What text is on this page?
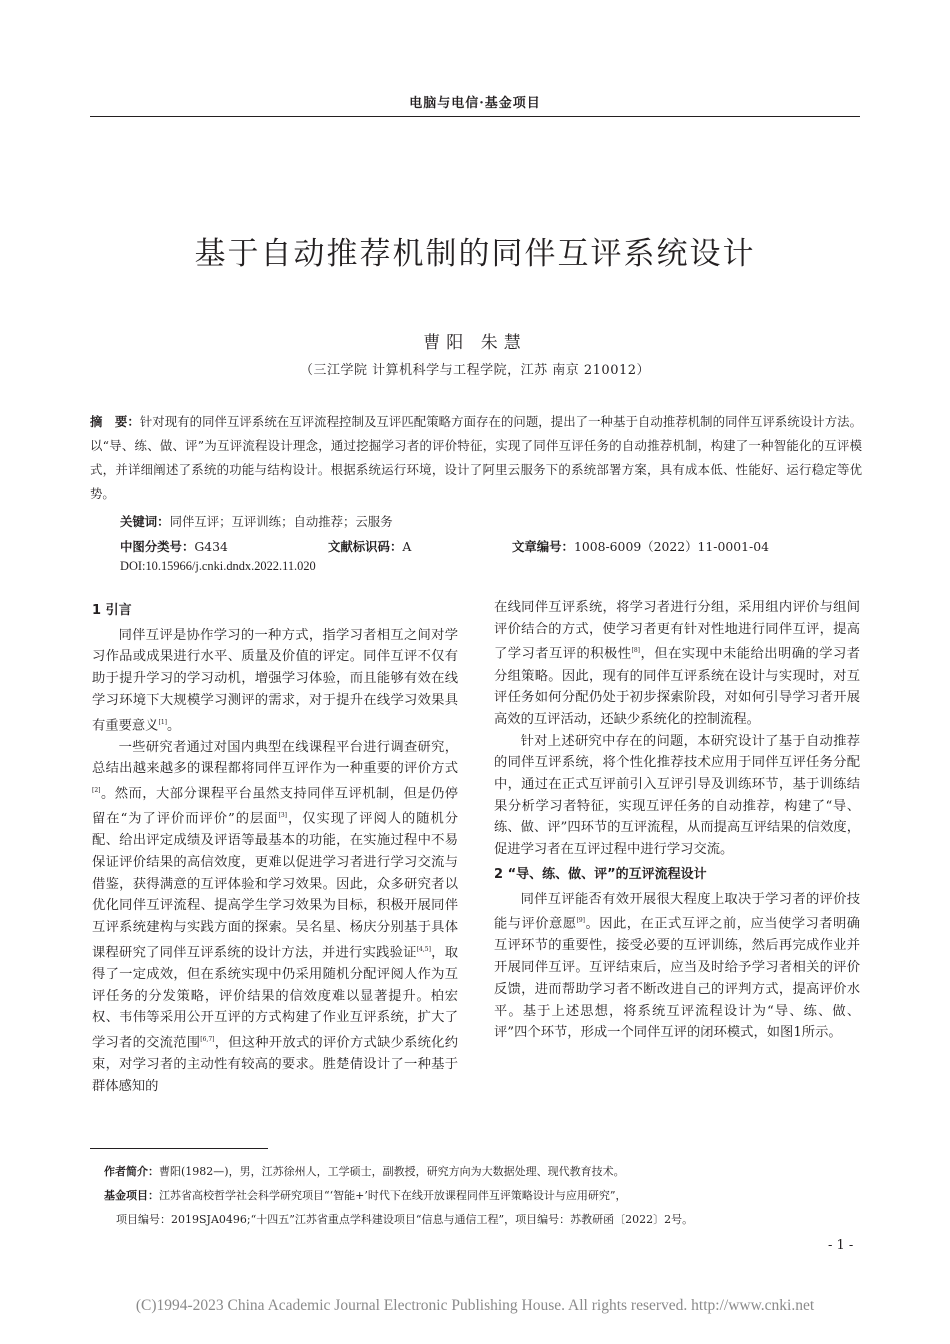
电脑与电信·基金项目
基于自动推荐机制的同伴互评系统设计
曹阳 朱慧
（三江学院 计算机科学与工程学院，江苏 南京 210012）
摘　要：针对现有的同伴互评系统在互评流程控制及互评匹配策略方面存在的问题，提出了一种基于自动推荐机制的同伴互评系统设计方法。以“导、练、做、评”为互评流程设计理念，通过挖掘学习者的评价特征，实现了同伴互评任务的自动推荐机制，构建了一种智能化的互评模式，并详细阐述了系统的功能与结构设计。根据系统运行环境，设计了阿里云服务下的系统部署方案，具有成本低、性能好、运行稳定等优势。
关键词：同伴互评；互评训练；自动推荐；云服务
中图分类号：G434	文献标识码：A	文章编号：1008-6009（2022）11-0001-04
DOI:10.15966/j.cnki.dndx.2022.11.020

1 引言

同伴互评是协作学习的一种方式，指学习者相互之间对学习作品或成果进行水平、质量及价值的评定。同伴互评不仅有助于提升学习的学习动机，增强学习体验，而且能够有效在线学习环境下大规模学习测评的需求，对于提升在线学习效果具有重要意义[1]。

一些研究者通过对国内典型在线课程平台进行调查研究，总结出越来越多的课程都将同伴互评作为一种重要的评价方式[2]。然而，大部分课程平台虽然支持同伴互评机制，但是仍停留在“为了评价而评价”的层面[3]，仅实现了评阅人的随机分配、给出评定成绩及评语等最基本的功能，在实施过程中不易保证评价结果的高信效度，更难以促进学习者进行学习交流与借鉴，获得满意的互评体验和学习效果。因此，众多研究者以优化同伴互评流程、提高学生学习效果为目标，积极开展同伴互评系统建构与实践方面的探索。吴名星、杨庆分别基于具体课程研究了同伴互评系统的设计方法，并进行实践验证[4,5]，取得了一定成效，但在系统实现中仍采用随机分配评阅人作为互评任务的分发策略，评价结果的信效度难以显著提升。柏宏权、韦伟等采用公开互评的方式构建了作业互评系统，扩大了学习者的交流范围[6,7]，但这种开放式的评价方式缺少系统化约束，对学习者的主动性有较高的要求。胜楚倩设计了一种基于群体感知的

在线同伴互评系统，将学习者进行分组，采用组内评价与组间评价结合的方式，使学习者更有针对性地进行同伴互评，提高了学习者互评的积极性[8]，但在实现中未能给出明确的学习者分组策略。因此，现有的同伴互评系统在设计与实现时，对互评任务如何分配仍处于初步探索阶段，对如何引导学习者开展高效的互评活动，还缺少系统化的控制流程。

针对上述研究中存在的问题，本研究设计了基于自动推荐的同伴互评系统，将个性化推荐技术应用于同伴互评任务分配中，通过在正式互评前引入互评引导及训练环节，基于训练结果分析学习者特征，实现互评任务的自动推荐，构建了“导、练、做、评”四环节的互评流程，从而提高互评结果的信效度，促进学习者在互评过程中进行学习交流。

2 “导、练、做、评”的互评流程设计

同伴互评能否有效开展很大程度上取决于学习者的评价技能与评价意愿[9]。因此，在正式互评之前，应当使学习者明确互评环节的重要性，接受必要的互评训练，然后再完成作业并开展同伴互评。互评结束后，应当及时给予学习者相关的评价反馈，进而帮助学习者不断改进自己的评判方式，提高评价水平。基于上述思想，将系统互评流程设计为“导、练、做、评”四个环节，形成一个同伴互评的闭环模式，如图1所示。

作者简介：曹阳(1982—)，男，江苏徐州人，工学硕士，副教授，研究方向为大数据处理、现代教育技术。
基金项目：江苏省高校哲学社会科学研究项目“‘智能+’时代下在线开放课程同伴互评策略设计与应用研究”，
项目编号：2019SJA0496;“十四五”江苏省重点学科建设项目“信息与通信工程”，项目编号：苏教研函〔2022〕2号。
- 1 -
(C)1994-2023 China Academic Journal Electronic Publishing House. All rights reserved. http://www.cnki.net
